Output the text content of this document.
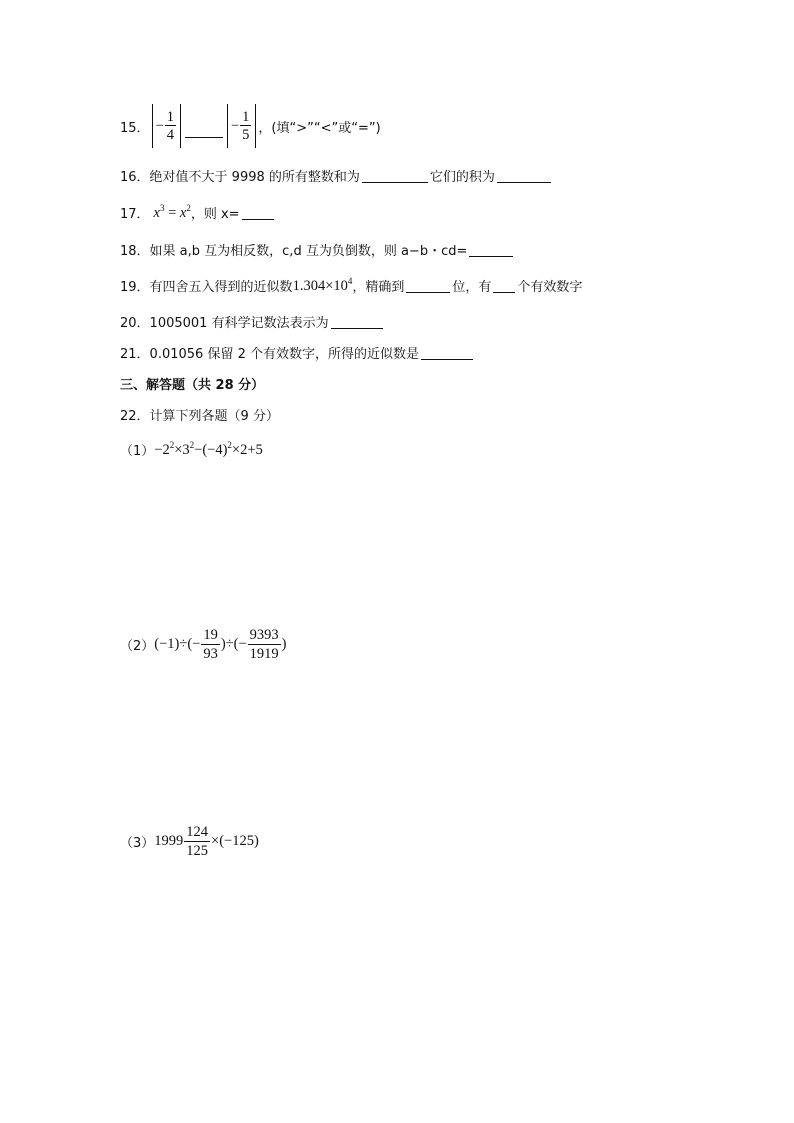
15． − $\frac{1}{4}$	− $\frac{1}{5}$ ，(填“>”“<”或“=”)
16． 绝对值不大于 9998 的所有整数和为	它们的积为
17． $x^3 = x^2$ ，则 x=
18． 如果 a,b 互为相反数，c,d 互为负倒数，则 a−b・cd=
19． 有四舍五入得到的近似数 $1.304\times 10^4$ ，精确到	位，有 个有效数字
20． 1005001 有科学记数法表示为
21． 0.01056 保留 2 个有效数字，所得的近似数是
三、解答题（共 28 分）
22． 计算下列各题（9 分）
$(1) -2^2\times 3^2-(-4)^2\times 2+5$
（2） $(-1)\div(- \frac{19}{93}$ )÷(− $\frac{9393}{1919}$ )
（3） $1999 \frac{124}{125} \times(-125)$
